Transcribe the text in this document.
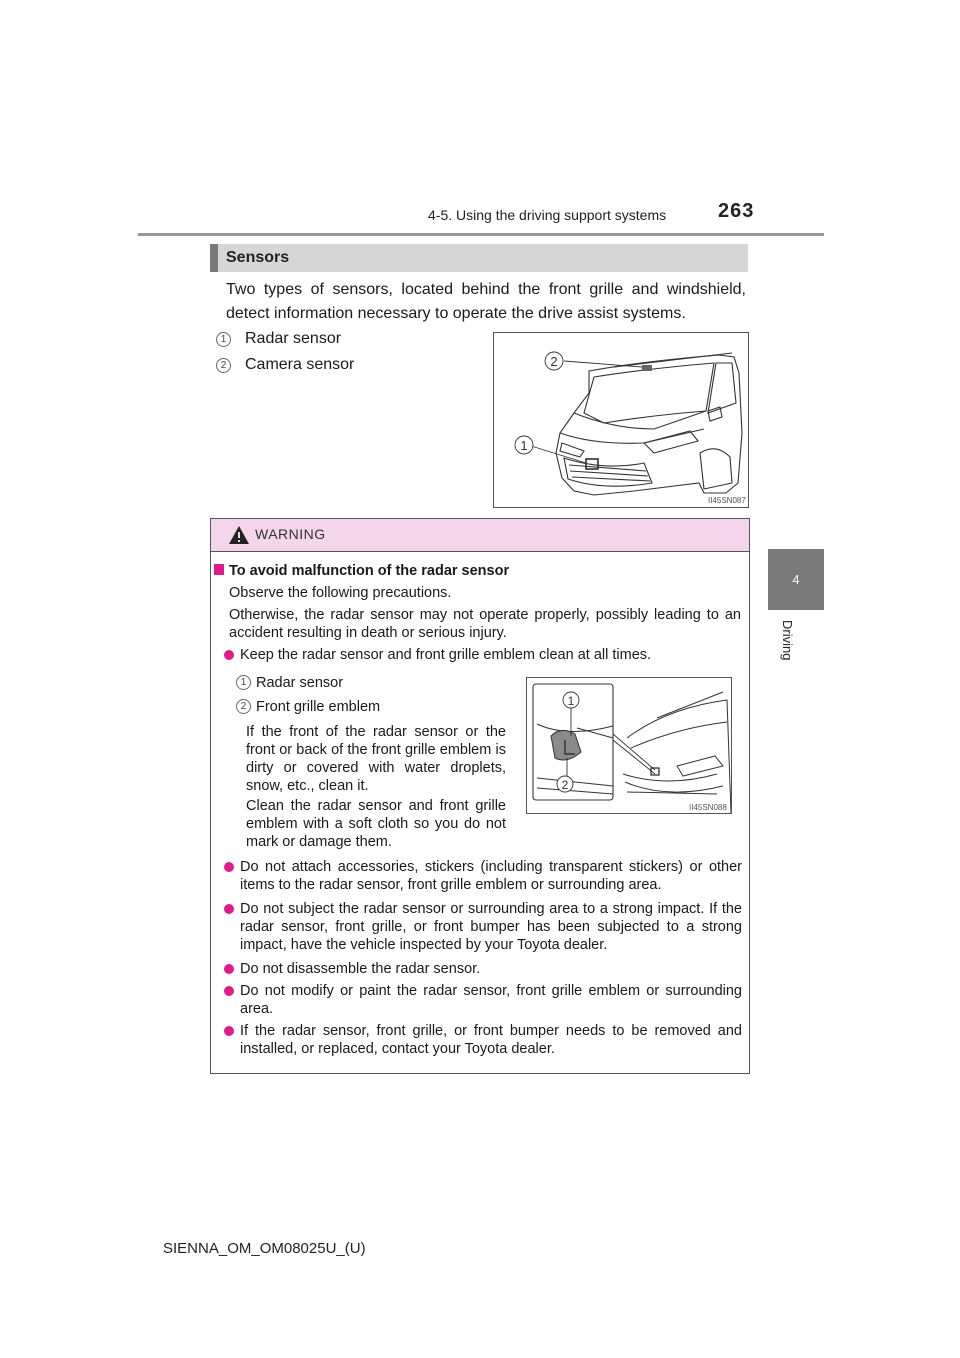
4-5. Using the driving support systems	263
4
Driving
Sensors
Two types of sensors, located behind the front grille and windshield, detect information necessary to operate the drive assist systems.
1 Radar sensor
2 Camera sensor	2
1
II45SN087
WARNING
To avoid malfunction of the radar sensor
Observe the following precautions.
Otherwise, the radar sensor may not operate properly, possibly leading to an accident resulting in death or serious injury.
Keep the radar sensor and front grille emblem clean at all times.
1 Radar sensor
2 Front grille emblem
If the front of the radar sensor or the front or back of the front grille emblem is dirty or covered with water droplets, snow, etc., clean it.
Clean the radar sensor and front grille emblem with a soft cloth so you do not mark or damage them.
Do not attach accessories, stickers (including transparent stickers) or other items to the radar sensor, front grille emblem or surrounding area.
Do not subject the radar sensor or surrounding area to a strong impact. If the radar sensor, front grille, or front bumper has been subjected to a strong impact, have the vehicle inspected by your Toyota dealer.
Do not disassemble the radar sensor.
Do not modify or paint the radar sensor, front grille emblem or surrounding area.
If the radar sensor, front grille, or front bumper needs to be removed and installed, or replaced, contact your Toyota dealer.
1
2
II45SN088
SIENNA_OM_OM08025U_(U)
